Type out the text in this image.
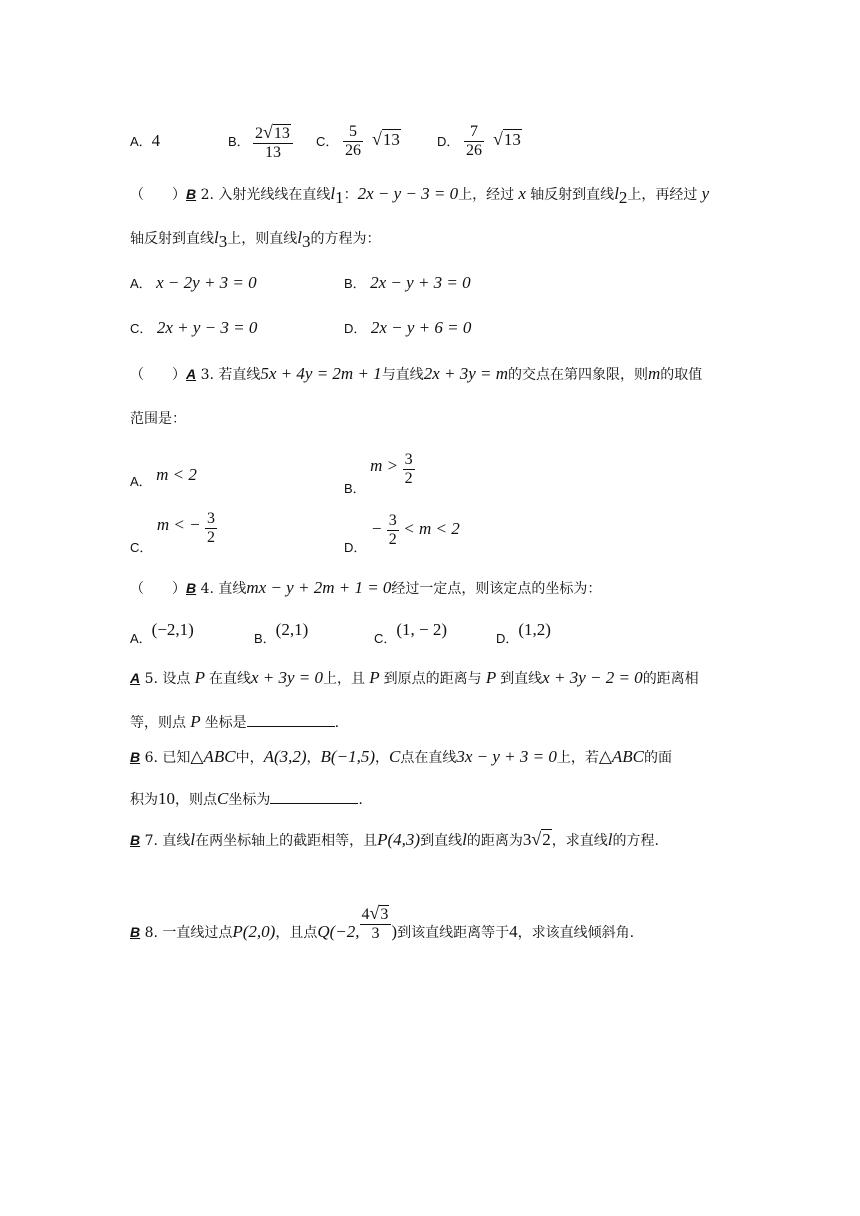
A．4	B． $\frac{2√13}{13}$ C． $\frac{5}{26} √13$	D． $\frac{7}{26} √13$
（　　）B 2. 入射光线线在直线$l_1$：2x − y − 3 = 0上，经过 x 轴反射到直线$l_2$上，再经过 y
轴反射到直线$l_3$上，则直线$l_3$的方程为：
A． x − 2y + 3 = 0	B． 2x − y + 3 = 0
C． 2x + y − 3 = 0	D． 2x − y + 6 = 0
（　　）A 3. 若直线5x + 4y = 2m + 1与直线2x + 3y = m的交点在第四象限，则m的取值
范围是：
A． m < 2
B． $m > \frac{3}{2}$
C． m < − $\frac{3}{2}$
D． − $\frac{3}{2} < m < 2$
（　　）B 4. 直线mx − y + 2m + 1 = 0经过一定点，则该定点的坐标为：
A．(−2,1)	B．(2,1)	C．(1, − 2)	D．(1,2)
A 5. 设点 P 在直线x + 3y = 0上，且 P 到原点的距离与 P 到直线x + 3y − 2 = 0的距离相
等，则点 P 坐标是	.
B 6. 已知△ABC中，A(3,2)，B(−1,5)，C点在直线3x − y + 3 = 0上，若△ABC的面
积为10，则点C坐标为	.
B 7. 直线l在两坐标轴上的截距相等，且P(4,3)到直线l的距离为3√2，求直线l的方程.
B 8. 一直线过点P(2,0)，且点Q(−2, $\frac{4√3}{3}$ )到该直线距离等于4，求该直线倾斜角.
